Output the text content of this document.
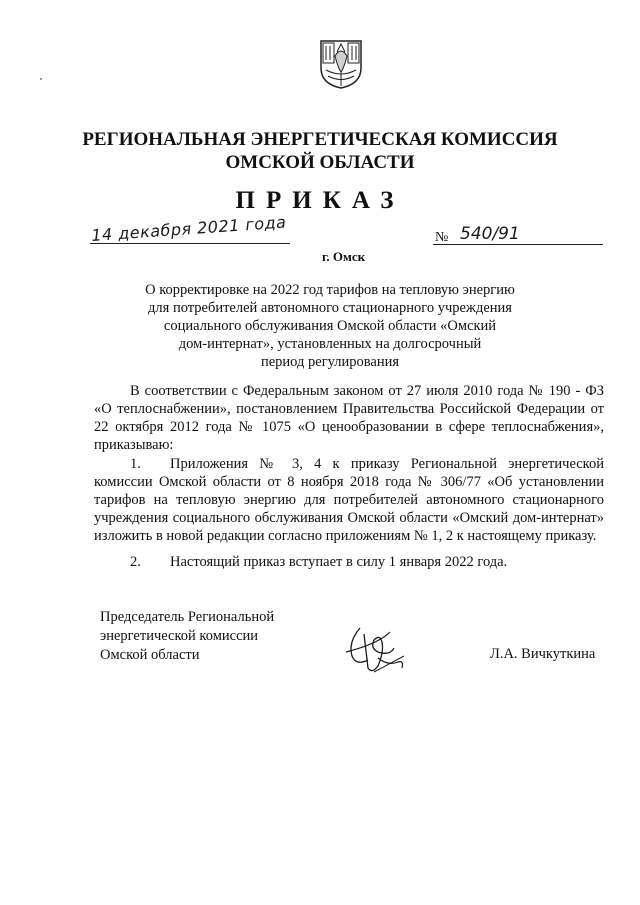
РЕГИОНАЛЬНАЯ ЭНЕРГЕТИЧЕСКАЯ КОМИССИЯ
ОМСКОЙ ОБЛАСТИ
ПРИКАЗ
14 декабря 2021 года
г. Омск
№ 540/91
О корректировке на 2022 год тарифов на тепловую энергию
для потребителей автономного стационарного учреждения
социального обслуживания Омской области «Омский
дом-интернат», установленных на долгосрочный
период регулирования
В соответствии с Федеральным законом от 27 июля 2010 года № 190 - ФЗ «О теплоснабжении», постановлением Правительства Российской Федерации от 22 октября 2012 года № 1075 «О ценообразовании в сфере теплоснабжения», приказываю:
1. Приложения № 3, 4 к приказу Региональной энергетической комиссии Омской области от 8 ноября 2018 года № 306/77 «Об установлении тарифов на тепловую энергию для потребителей автономного стационарного учреждения социального обслуживания Омской области «Омский дом-интернат» изложить в новой редакции согласно приложениям № 1, 2 к настоящему приказу.
2. Настоящий приказ вступает в силу 1 января 2022 года.
Председатель Региональной
энергетической комиссии
Омской области	Л.А. Вичкуткина
